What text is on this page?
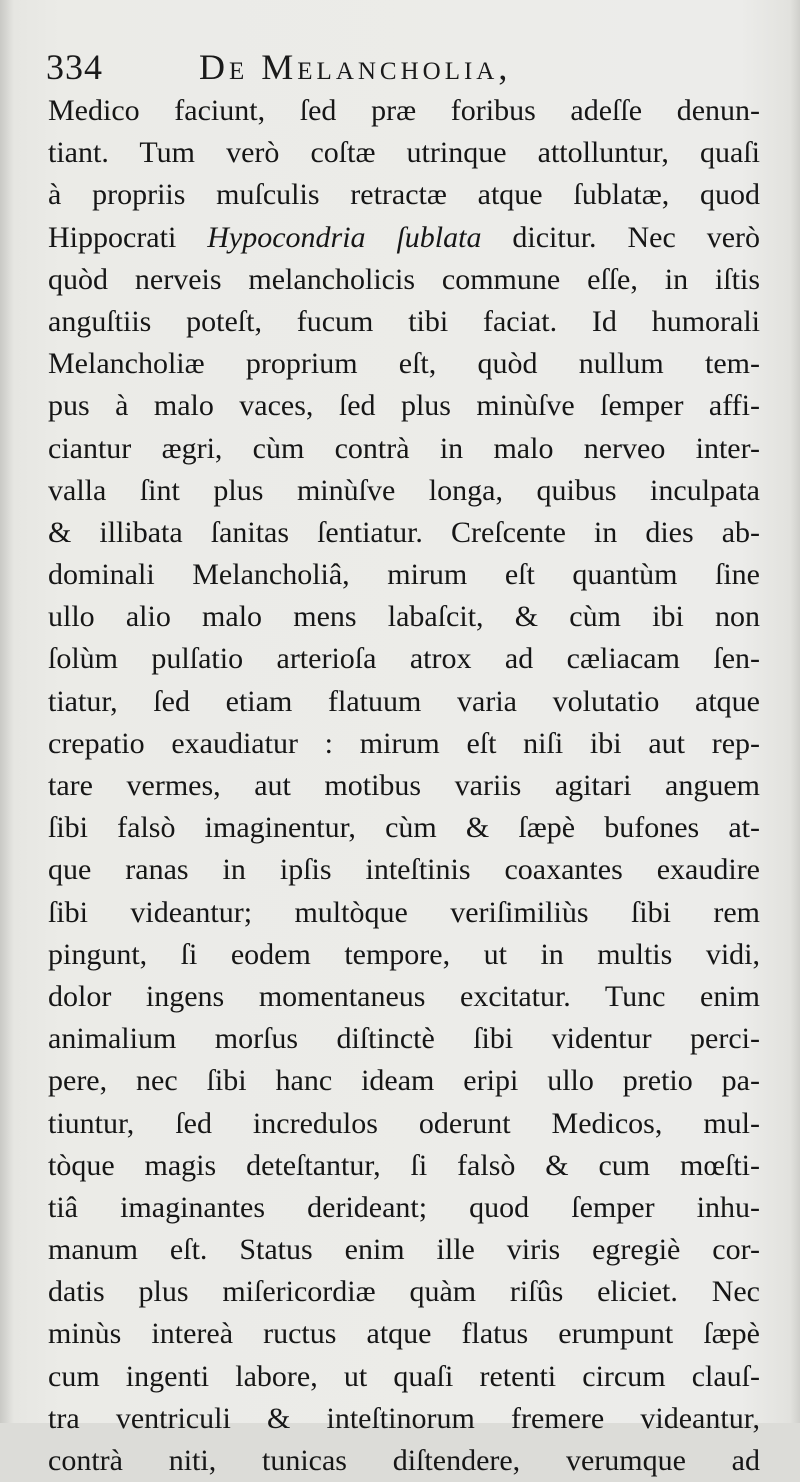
334	De Melancholia,
Medico faciunt, ſed præ foribus adeſſe denun-
tiant. Tum verò coſtæ utrinque attolluntur, quaſi
à propriis muſculis retractæ atque ſublatæ, quod
Hippocrati Hypocondria ſublata dicitur. Nec verò
quòd nerveis melancholicis commune eſſe, in iſtis
anguſtiis poteſt, fucum tibi faciat. Id humorali
Melancholiæ proprium eſt, quòd nullum tem-
pus à malo vaces, ſed plus minùſve ſemper affi-
ciantur ægri, cùm contrà in malo nerveo inter-
valla ſint plus minùſve longa, quibus inculpata
& illibata ſanitas ſentiatur. Creſcente in dies ab-
dominali Melancholiâ, mirum eſt quantùm ſine
ullo alio malo mens labaſcit, & cùm ibi non
ſolùm pulſatio arterioſa atrox ad cæliacam ſen-
tiatur, ſed etiam flatuum varia volutatio atque
crepatio exaudiatur : mirum eſt niſi ibi aut rep-
tare vermes, aut motibus variis agitari anguem
ſibi falsò imaginentur, cùm & ſæpè bufones at-
que ranas in ipſis inteſtinis coaxantes exaudire
ſibi videantur; multòque veriſimiliùs ſibi rem
pingunt, ſi eodem tempore, ut in multis vidi,
dolor ingens momentaneus excitatur. Tunc enim
animalium morſus diſtinctè ſibi videntur perci-
pere, nec ſibi hanc ideam eripi ullo pretio pa-
tiuntur, ſed incredulos oderunt Medicos, mul-
tòque magis deteſtantur, ſi falsò & cum mœſti-
tiâ imaginantes derideant; quod ſemper inhu-
manum eſt. Status enim ille viris egregiè cor-
datis plus miſericordiæ quàm riſûs eliciet. Nec
minùs intereà ructus atque flatus erumpunt ſæpè
cum ingenti labore, ut quaſi retenti circum clauſ-
tra ventriculi & inteſtinorum fremere videantur,
contrà niti, tunicas diſtendere, verumque ad
